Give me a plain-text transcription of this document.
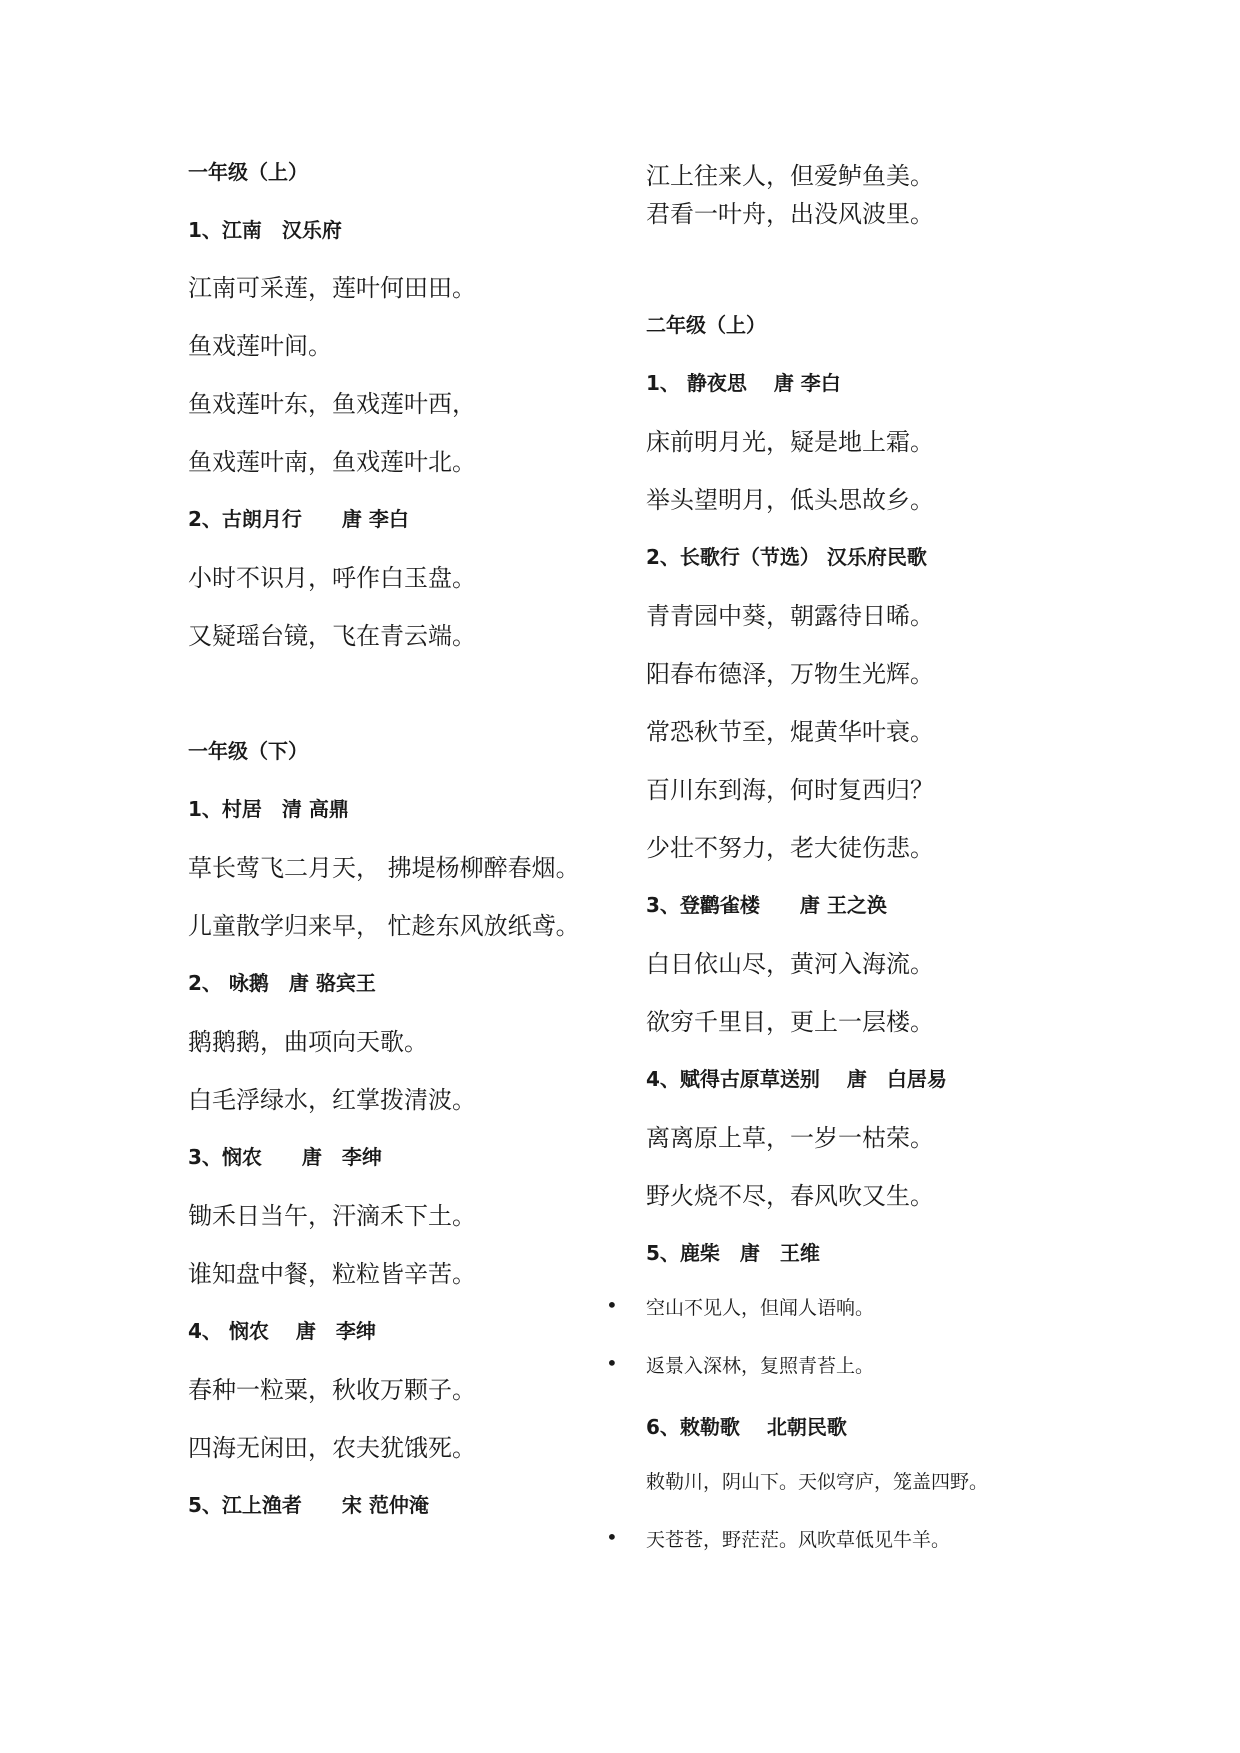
一年级（上）
1、江南　汉乐府
江南可采莲，莲叶何田田。
鱼戏莲叶间。
鱼戏莲叶东，鱼戏莲叶西，
鱼戏莲叶南，鱼戏莲叶北。
2、古朗月行　　唐 李白
小时不识月，呼作白玉盘。
又疑瑶台镜，飞在青云端。
一年级（下）
1、村居　清 高鼎
草长莺飞二月天， 拂堤杨柳醉春烟。
儿童散学归来早， 忙趁东风放纸鸢。
2、 咏鹅　唐 骆宾王
鹅鹅鹅，曲项向天歌。
白毛浮绿水，红掌拨清波。
3、悯农　　唐　李绅
锄禾日当午，汗滴禾下土。
谁知盘中餐，粒粒皆辛苦。
4、 悯农　 唐　李绅
春种一粒粟，秋收万颗子。
四海无闲田，农夫犹饿死。
5、江上渔者　　宋 范仲淹
江上往来人，但爱鲈鱼美。
君看一叶舟，出没风波里。
二年级（上）
1、 静夜思　 唐 李白
床前明月光，疑是地上霜。
举头望明月，低头思故乡。
2、长歌行（节选） 汉乐府民歌
青青园中葵，朝露待日晞。
阳春布德泽，万物生光辉。
常恐秋节至，焜黄华叶衰。
百川东到海，何时复西归？
少壮不努力，老大徒伤悲。
3、登鹳雀楼　　唐 王之涣
白日依山尽，黄河入海流。
欲穷千里目，更上一层楼。
4、赋得古原草送别　 唐　白居易
离离原上草，一岁一枯荣。
野火烧不尽，春风吹又生。
5、鹿柴　唐　王维
• 空山不见人，但闻人语响。
• 返景入深林，复照青苔上。
6、敕勒歌　 北朝民歌
敕勒川，阴山下。天似穹庐，笼盖四野。
• 天苍苍，野茫茫。风吹草低见牛羊。
